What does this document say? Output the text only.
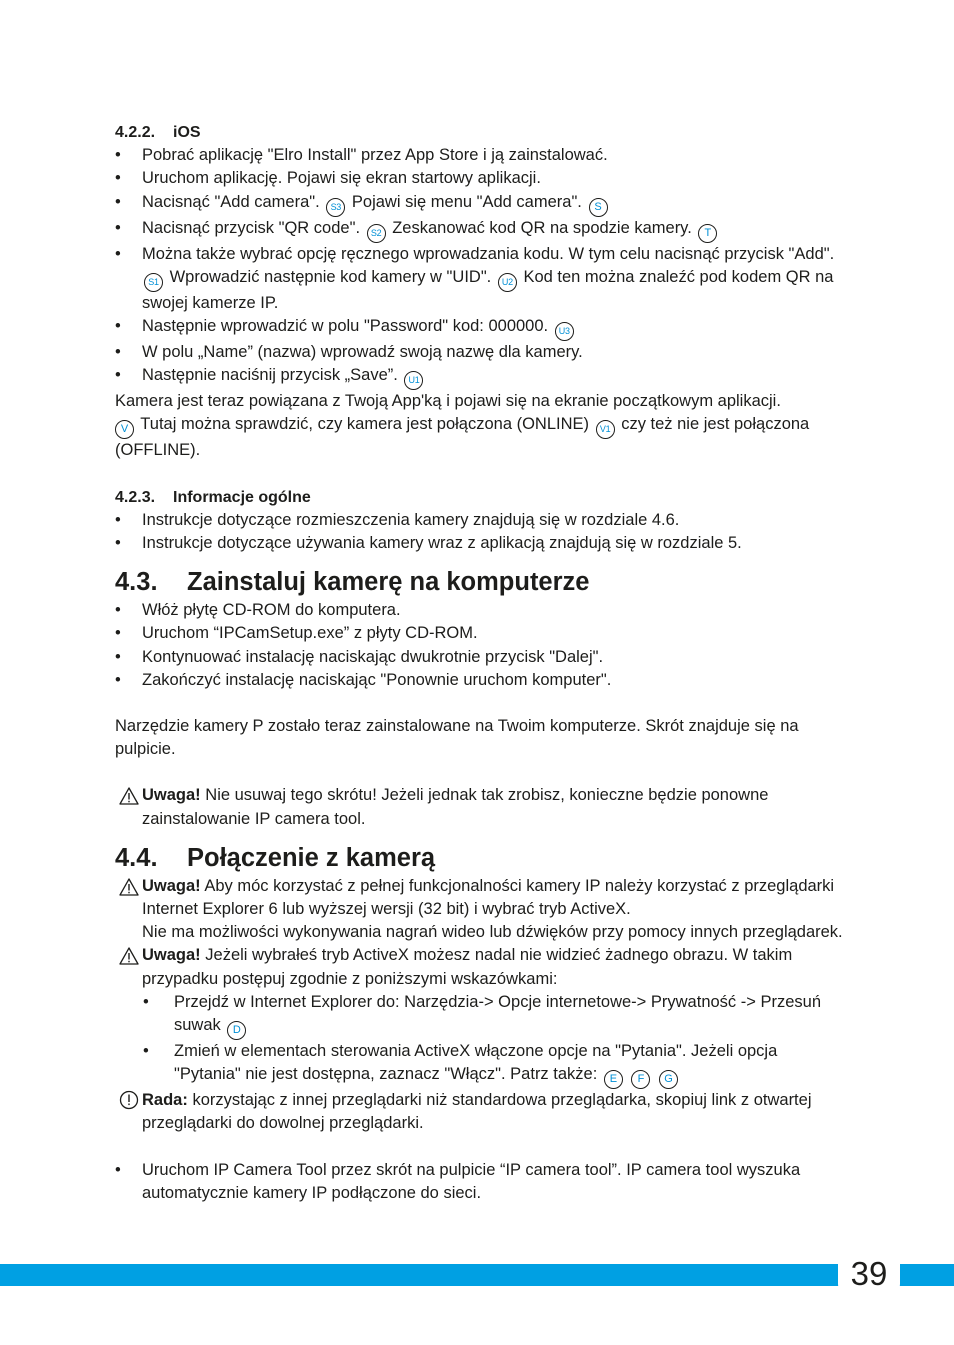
4.2.2. iOS

• Pobrać aplikację "Elro Install" przez App Store i ją zainstalować.
• Uruchom aplikację. Pojawi się ekran startowy aplikacji.
• Nacisnąć "Add camera". S3 Pojawi się menu "Add camera". S
• Nacisnąć przycisk "QR code". S2 Zeskanować kod QR na spodzie kamery. T
• Można także wybrać opcję ręcznego wprowadzania kodu. W tym celu nacisnąć przycisk "Add". S1 Wprowadzić następnie kod kamery w "UID". U2 Kod ten można znaleźć pod kodem QR na swojej kamerze IP.
• Następnie wprowadzić w polu "Password" kod: 000000. U3
• W polu „Name” (nazwa) wprowadź swoją nazwę dla kamery.
• Następnie naciśnij przycisk „Save”. U1

Kamera jest teraz powiązana z Twoją App'ką i pojawi się na ekranie początkowym aplikacji.

V Tutaj można sprawdzić, czy kamera jest połączona (ONLINE) V1 czy też nie jest połączona (OFFLINE).

4.2.3. Informacje ogólne

• Instrukcje dotyczące rozmieszczenia kamery znajdują się w rozdziale 4.6.
• Instrukcje dotyczące używania kamery wraz z aplikacją znajdują się w rozdziale 5.

4.3. Zainstaluj kamerę na komputerze

• Włóż płytę CD-ROM do komputera.
• Uruchom “IPCamSetup.exe” z płyty CD-ROM.
• Kontynuować instalację naciskając dwukrotnie przycisk "Dalej".
• Zakończyć instalację naciskając "Ponownie uruchom komputer".

Narzędzie kamery P zostało teraz zainstalowane na Twoim komputerze. Skrót znajduje się na pulpicie.

Uwaga! Nie usuwaj tego skrótu! Jeżeli jednak tak zrobisz, konieczne będzie ponowne zainstalowanie IP camera tool.

4.4. Połączenie z kamerą

Uwaga! Aby móc korzystać z pełnej funkcjonalności kamery IP należy korzystać z przeglądarki Internet Explorer 6 lub wyższej wersji (32 bit) i wybrać tryb ActiveX.

Nie ma możliwości wykonywania nagrań wideo lub dźwięków przy pomocy innych przeglądarek.

Uwaga! Jeżeli wybrałeś tryb ActiveX możesz nadal nie widzieć żadnego obrazu. W takim przypadku postępuj zgodnie z poniższymi wskazówkami:
• Przejdź w Internet Explorer do: Narzędzia-> Opcje internetowe-> Prywatność -> Przesuń suwak D
• Zmień w elementach sterowania ActiveX włączone opcje na "Pytania". Jeżeli opcja "Pytania" nie jest dostępna, zaznacz "Włącz". Patrz także: E F G
Rada: korzystając z innej przeglądarki niż standardowa przeglądarka, skopiuj link z otwartej przeglądarki do dowolnej przeglądarki.
• Uruchom IP Camera Tool przez skrót na pulpicie “IP camera tool”. IP camera tool wyszuka automatycznie kamery IP podłączone do sieci.
39
